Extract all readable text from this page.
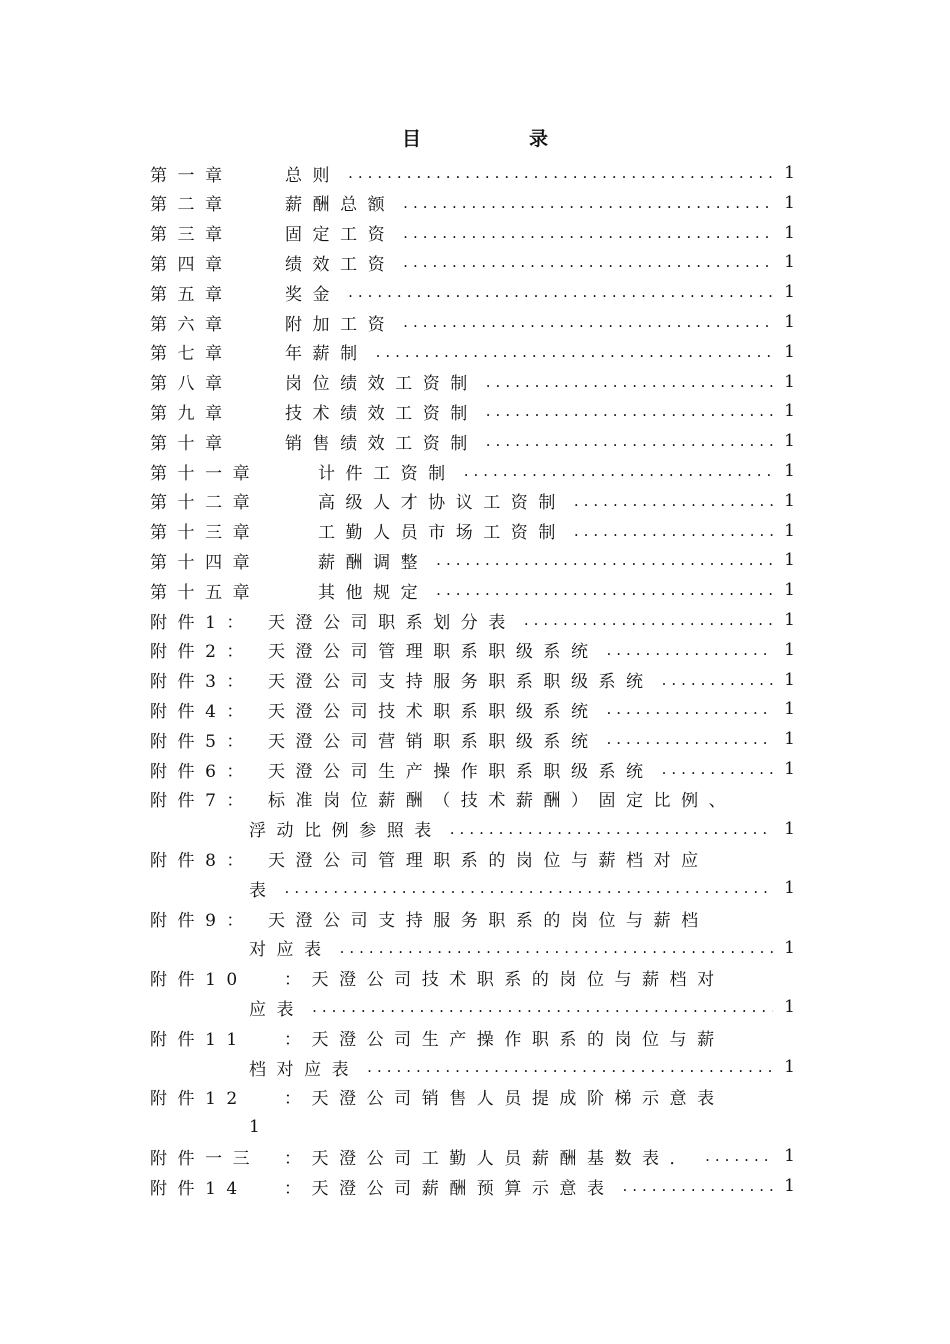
目录
第一章	总则 .....	1
第二章	薪酬总额 .....	1
第三章	固定工资 .....	1
第四章	绩效工资 .....	1
第五章	奖金 .....	1
第六章	附加工资 .....	1
第七章	年薪制 .....	1
第八章	岗位绩效工资制 .....	1
第九章	技术绩效工资制 .....	1
第十章	销售绩效工资制 .....	1
第十一章	计件工资制 .....	1
第十二章	高级人才协议工资制 .....	1
第十三章	工勤人员市场工资制 .....	1
第十四章	薪酬调整 .....	1
第十五章	其他规定 .....	1
附件1： 天澄公司职系划分表 .....	1
附件2： 天澄公司管理职系职级系统 .....	1
附件3： 天澄公司支持服务职系职级系统 .....	1
附件4： 天澄公司技术职系职级系统 .....	1
附件5： 天澄公司营销职系职级系统 .....	1
附件6： 天澄公司生产操作职系职级系统 .....	1
附件7： 标准岗位薪酬（技术薪酬）固定比例、
浮动比例参照表 .....	1
附件8： 天澄公司管理职系的岗位与薪档对应
表 .....	1
附件9： 天澄公司支持服务职系的岗位与薪档
对应表 .....	1
附件10	：天澄公司技术职系的岗位与薪档对
应表 .....	1
附件11	：天澄公司生产操作职系的岗位与薪
档对应表 .....	1
附件12	：天澄公司销售人员提成阶梯示意表
1
附件一三	：天澄公司工勤人员薪酬基数表． .....	1
附件14	：天澄公司薪酬预算示意表 .....	1
